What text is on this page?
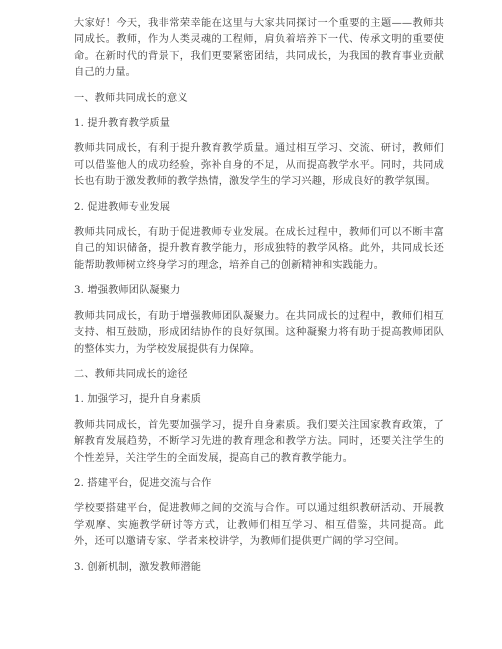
大家好！今天，我非常荣幸能在这里与大家共同探讨一个重要的主题——教师共同成长。教师，作为人类灵魂的工程师，肩负着培养下一代、传承文明的重要使命。在新时代的背景下，我们更要紧密团结，共同成长，为我国的教育事业贡献自己的力量。

一、教师共同成长的意义

1. 提升教育教学质量

教师共同成长，有利于提升教育教学质量。通过相互学习、交流、研讨，教师们可以借鉴他人的成功经验，弥补自身的不足，从而提高教学水平。同时，共同成长也有助于激发教师的教学热情，激发学生的学习兴趣，形成良好的教学氛围。

2. 促进教师专业发展

教师共同成长，有助于促进教师专业发展。在成长过程中，教师们可以不断丰富自己的知识储备，提升教育教学能力，形成独特的教学风格。此外，共同成长还能帮助教师树立终身学习的理念，培养自己的创新精神和实践能力。

3. 增强教师团队凝聚力

教师共同成长，有助于增强教师团队凝聚力。在共同成长的过程中，教师们相互支持、相互鼓励，形成团结协作的良好氛围。这种凝聚力将有助于提高教师团队的整体实力，为学校发展提供有力保障。

二、教师共同成长的途径

1. 加强学习，提升自身素质

教师共同成长，首先要加强学习，提升自身素质。我们要关注国家教育政策，了解教育发展趋势，不断学习先进的教育理念和教学方法。同时，还要关注学生的个性差异，关注学生的全面发展，提高自己的教育教学能力。

2. 搭建平台，促进交流与合作

学校要搭建平台，促进教师之间的交流与合作。可以通过组织教研活动、开展教学观摩、实施教学研讨等方式，让教师们相互学习、相互借鉴，共同提高。此外，还可以邀请专家、学者来校讲学，为教师们提供更广阔的学习空间。

3. 创新机制，激发教师潜能
